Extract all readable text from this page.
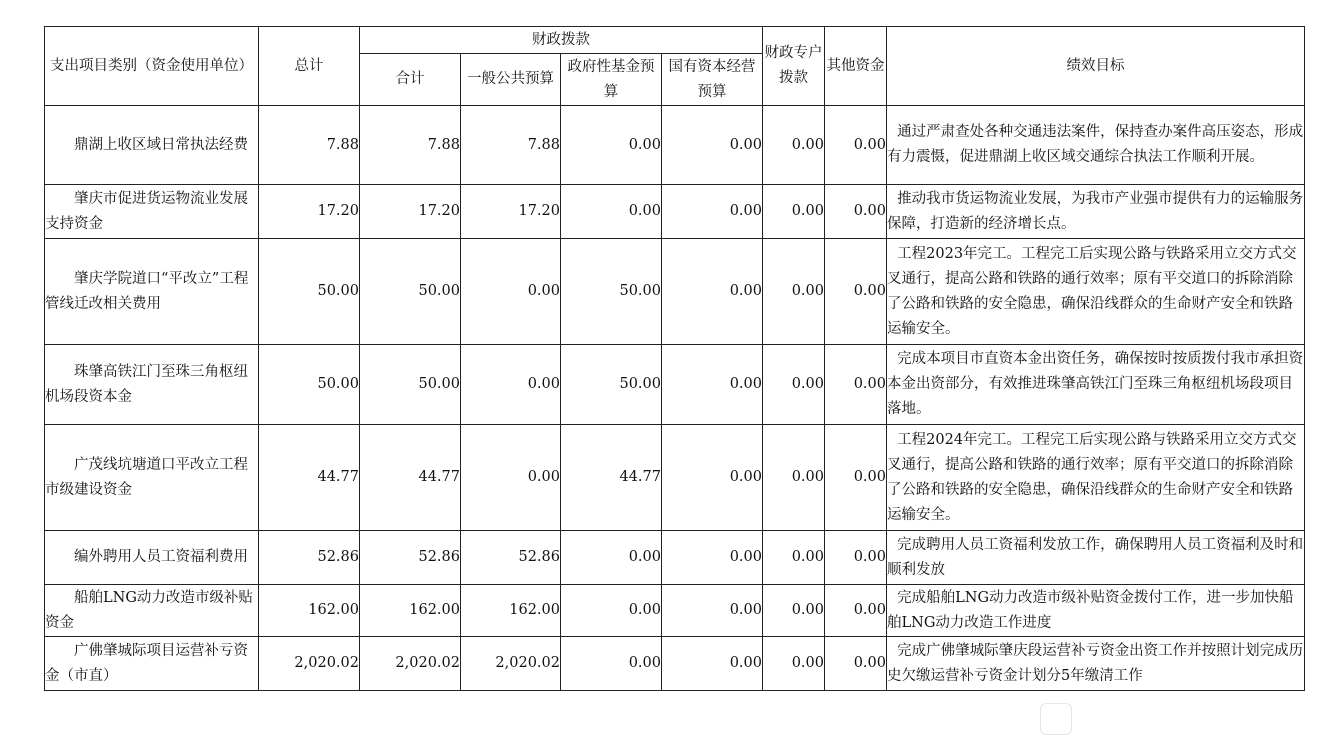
支出项目类别（资金使用单位）	总计	财政拨款				财政专户拨款	其他资金	绩效目标
		合计	一般公共预算	政府性基金预算	国有资本经营预算			
鼎湖上收区域日常执法经费	7.88	7.88	7.88	0.00	0.00	0.00	0.00	通过严肃查处各种交通违法案件，保持查办案件高压姿态，形成有力震慑，促进鼎湖上收区域交通综合执法工作顺利开展。
肇庆市促进货运物流业发展支持资金	17.20	17.20	17.20	0.00	0.00	0.00	0.00	推动我市货运物流业发展，为我市产业强市提供有力的运输服务保障，打造新的经济增长点。
肇庆学院道口“平改立”工程管线迁改相关费用	50.00	50.00	0.00	50.00	0.00	0.00	0.00	工程2023年完工。工程完工后实现公路与铁路采用立交方式交叉通行，提高公路和铁路的通行效率；原有平交道口的拆除消除了公路和铁路的安全隐患，确保沿线群众的生命财产安全和铁路运输安全。
珠肇高铁江门至珠三角枢纽机场段资本金	50.00	50.00	0.00	50.00	0.00	0.00	0.00	完成本项目市直资本金出资任务，确保按时按质拨付我市承担资本金出资部分，有效推进珠肇高铁江门至珠三角枢纽机场段项目落地。
广茂线坑塘道口平改立工程市级建设资金	44.77	44.77	0.00	44.77	0.00	0.00	0.00	工程2024年完工。工程完工后实现公路与铁路采用立交方式交叉通行，提高公路和铁路的通行效率；原有平交道口的拆除消除了公路和铁路的安全隐患，确保沿线群众的生命财产安全和铁路运输安全。
编外聘用人员工资福利费用	52.86	52.86	52.86	0.00	0.00	0.00	0.00	完成聘用人员工资福利发放工作，确保聘用人员工资福利及时和顺利发放
船舶LNG动力改造市级补贴资金	162.00	162.00	162.00	0.00	0.00	0.00	0.00	完成船舶LNG动力改造市级补贴资金拨付工作，进一步加快船舶LNG动力改造工作进度
广佛肇城际项目运营补亏资金（市直）	2,020.02	2,020.02	2,020.02	0.00	0.00	0.00	0.00	完成广佛肇城际肇庆段运营补亏资金出资工作并按照计划完成历史欠缴运营补亏资金计划分5年缴清工作
